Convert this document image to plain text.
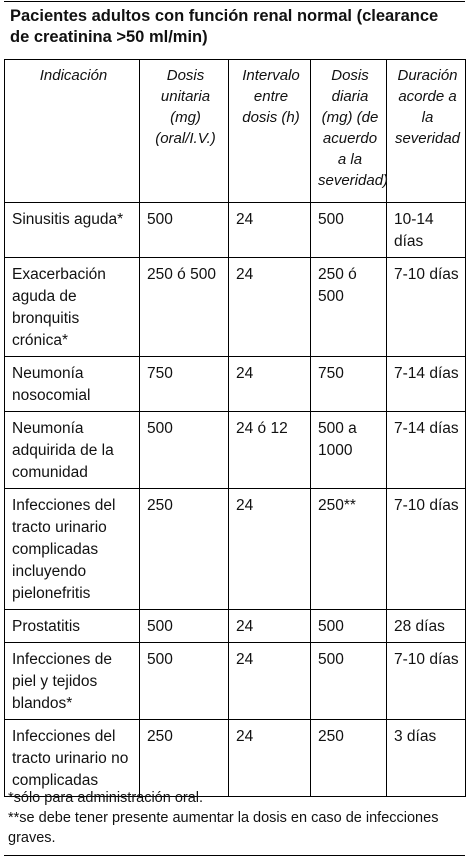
Pacientes adultos con función renal normal (clearance de creatinina >50 ml/min)
Indicación	Dosis unitaria (mg) (oral/I.V.)	Intervalo entre dosis (h)	Dosis diaria (mg) (de acuerdo a la severidad)	Duración acorde a la severidad
Sinusitis aguda*	500	24	500	10-14 días
Exacerbación aguda de bronquitis crónica*	250 ó 500	24	250 ó 500	7-10 días
Neumonía nosocomial	750	24	750	7-14 días
Neumonía adquirida de la comunidad	500	24 ó 12	500 a 1000	7-14 días
Infecciones del tracto urinario complicadas incluyendo pielonefritis	250	24	250**	7-10 días
Prostatitis	500	24	500	28 días
Infecciones de piel y tejidos blandos*	500	24	500	7-10 días
Infecciones del tracto urinario no complicadas	250	24	250	3 días
*sólo para administración oral.
**se debe tener presente aumentar la dosis en caso de infecciones graves.
